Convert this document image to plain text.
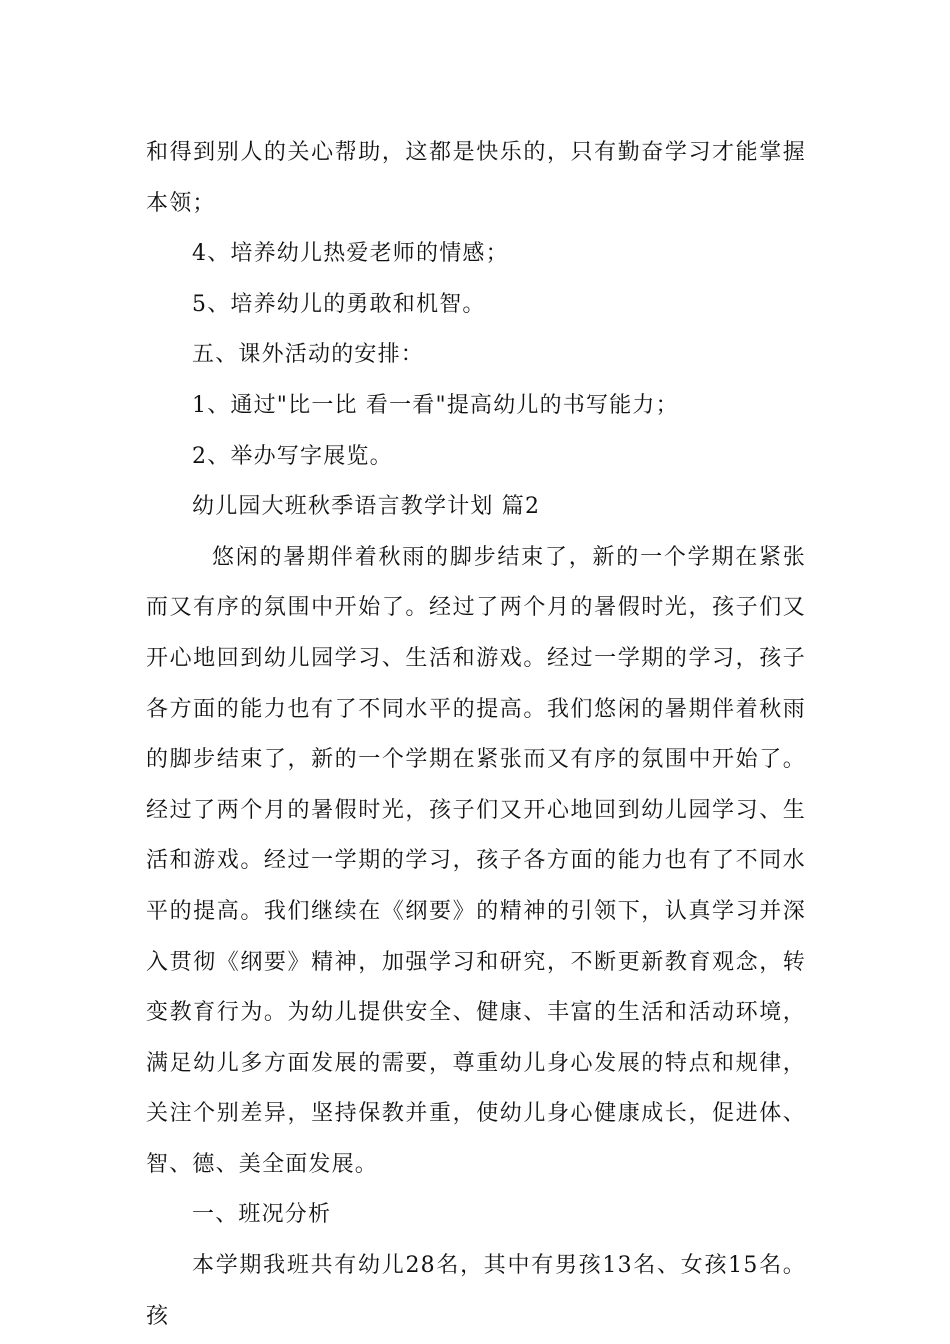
和得到别人的关心帮助，这都是快乐的，只有勤奋学习才能掌握本领；

4、培养幼儿热爱老师的情感；

5、培养幼儿的勇敢和机智。

五、课外活动的安排：

1、通过"比一比 看一看"提高幼儿的书写能力；

2、举办写字展览。

幼儿园大班秋季语言教学计划 篇2

悠闲的暑期伴着秋雨的脚步结束了，新的一个学期在紧张而又有序的氛围中开始了。经过了两个月的暑假时光，孩子们又开心地回到幼儿园学习、生活和游戏。经过一学期的学习，孩子各方面的能力也有了不同水平的提高。我们悠闲的暑期伴着秋雨的脚步结束了，新的一个学期在紧张而又有序的氛围中开始了。经过了两个月的暑假时光，孩子们又开心地回到幼儿园学习、生活和游戏。经过一学期的学习，孩子各方面的能力也有了不同水平的提高。我们继续在《纲要》的精神的引领下，认真学习并深入贯彻《纲要》精神，加强学习和研究，不断更新教育观念，转变教育行为。为幼儿提供安全、健康、丰富的生活和活动环境，满足幼儿多方面发展的需要，尊重幼儿身心发展的特点和规律，关注个别差异，坚持保教并重，使幼儿身心健康成长，促进体、智、德、美全面发展。

一、班况分析

本学期我班共有幼儿28名，其中有男孩13名、女孩15名。孩
